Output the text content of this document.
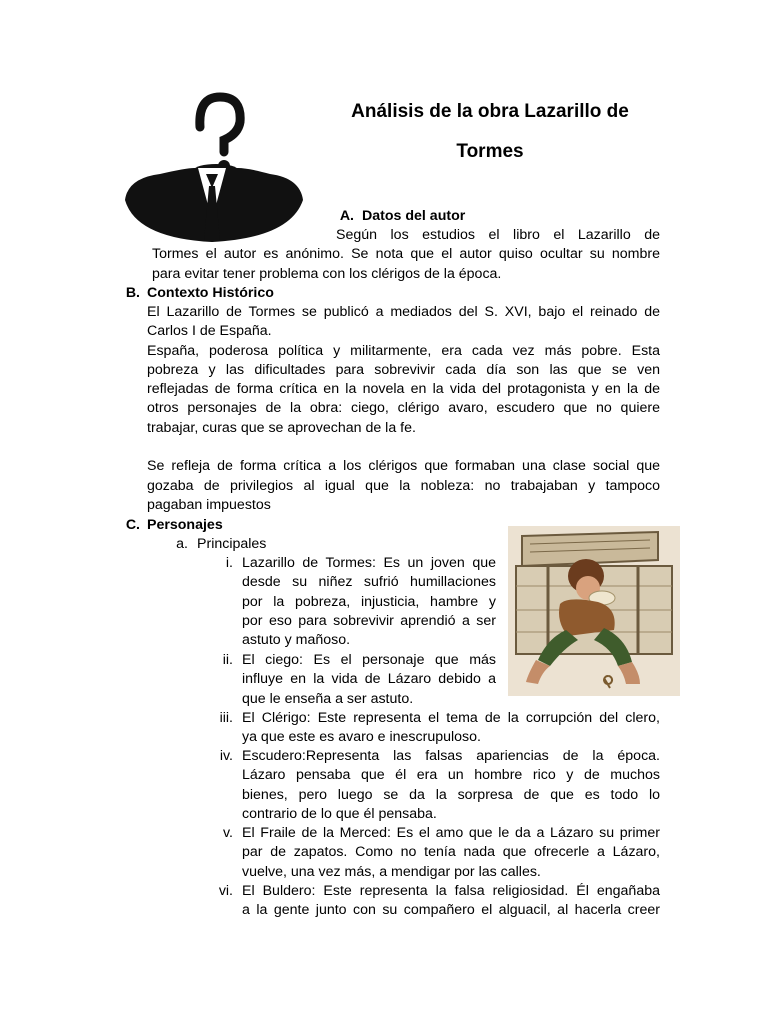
Análisis de la obra Lazarillo de
Tormes
A. Datos del autor
Según los estudios el libro el Lazarillo de
Tormes el autor es anónimo. Se nota que el autor quiso ocultar su nombre
para evitar tener problema con los clérigos de la época.
B. Contexto Histórico
El Lazarillo de Tormes se publicó a mediados del S. XVI, bajo el reinado de
Carlos I de España.
España, poderosa política y militarmente, era cada vez más pobre. Esta
pobreza y las dificultades para sobrevivir cada día son las que se ven
reflejadas de forma crítica en la novela en la vida del protagonista y en la de
otros personajes de la obra: ciego, clérigo avaro, escudero que no quiere
trabajar, curas que se aprovechan de la fe.
Se refleja de forma crítica a los clérigos que formaban una clase social que
gozaba de privilegios al igual que la nobleza: no trabajaban y tampoco
pagaban impuestos
C. Personajes
a. Principales
i. Lazarillo de Tormes: Es un joven que
desde su niñez sufrió humillaciones
por la pobreza, injusticia, hambre y
por eso para sobrevivir aprendió a ser
astuto y mañoso.
ii. El ciego: Es el personaje que más
influye en la vida de Lázaro debido a
que le enseña a ser astuto.
iii. El Clérigo: Este representa el tema de la corrupción del clero,
ya que este es avaro e inescrupuloso.
iv. Escudero:Representa las falsas apariencias de la época.
Lázaro pensaba que él era un hombre rico y de muchos
bienes, pero luego se da la sorpresa de que es todo lo
contrario de lo que él pensaba.
v. El Fraile de la Merced: Es el amo que le da a Lázaro su primer
par de zapatos. Como no tenía nada que ofrecerle a Lázaro,
vuelve, una vez más, a mendigar por las calles.
vi. El Buldero: Este representa la falsa religiosidad. Él engañaba
a la gente junto con su compañero el alguacil, al hacerla creer
